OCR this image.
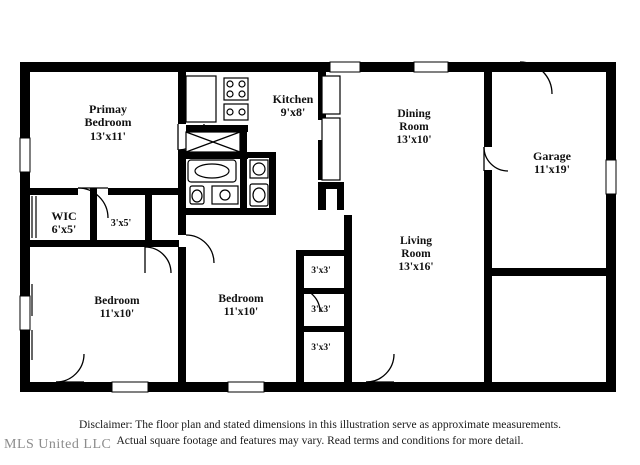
Primay
Bedroom
13'x11'
WIC
6'x5'	3'x5'
Bedroom
11'x10'
Bedroom
11'x10'
Kitchen
9'x8'	Dining
Room
13'x10'
Living
Room
13'x16'
Garage
11'x19'
3'x3'
3'x3'
3'x3'
Disclaimer: The floor plan and stated dimensions in this illustration serve as approximate measurements.
Actual square footage and features may vary. Read terms and conditions for more detail.
MLS United LLC
